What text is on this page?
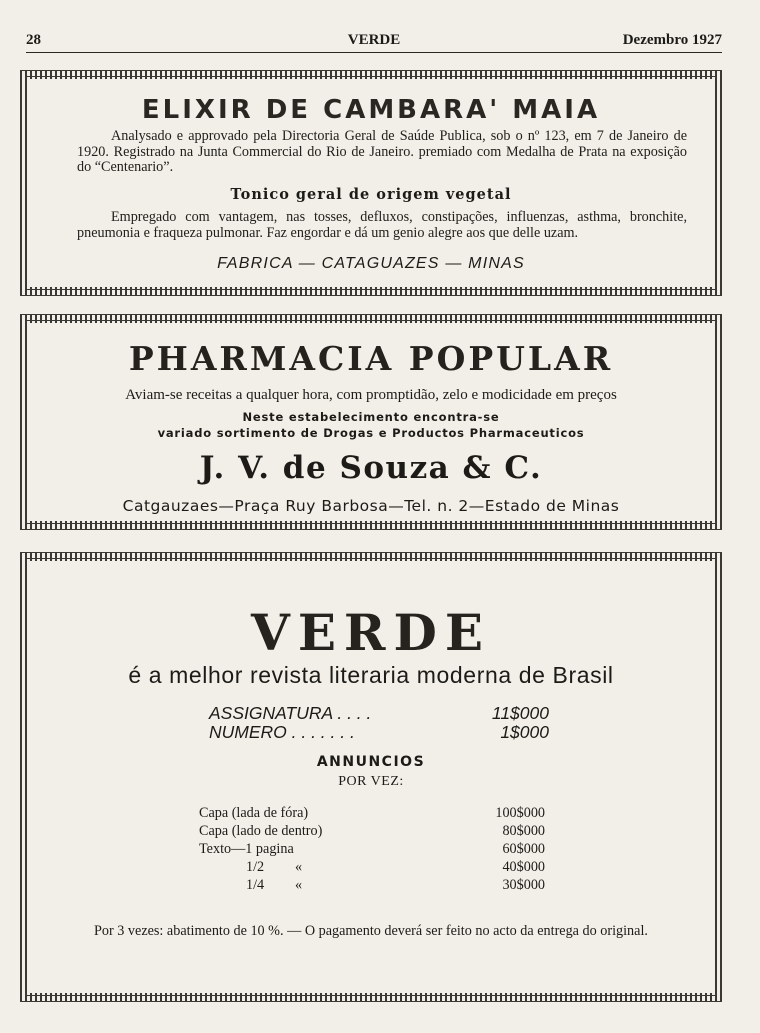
28	VERDE	Dezembro 1927
ELIXIR DE CAMBARA' MAIA
Analysado e approvado pela Directoria Geral de Saúde Publica, sob o nº 123, em 7 de Janeiro de 1920. Registrado na Junta Commercial do Rio de Janeiro. premiado com Medalha de Prata na exposição do “Centenario”.
Tonico geral de origem vegetal
Empregado com vantagem, nas tosses, defluxos, constipações, influenzas, asthma, bronchite, pneumonia e fraqueza pulmonar. Faz engordar e dá um genio alegre aos que delle uzam.
FABRICA — CATAGUAZES — MINAS
PHARMACIA POPULAR
Aviam-se receitas a qualquer hora, com promptidão, zelo e modicidade em preços
Neste estabelecimento encontra-se
variado sortimento de Drogas e Productos Pharmaceuticos
J. V. de Souza & C.
Catgauzaes—Praça Ruy Barbosa—Tel. n. 2—Estado de Minas
VERDE
é a melhor revista literaria moderna de Brasil
ASSIGNATURA . . . .	11$000
NUMERO . . . . . . .	1$000
ANNUNCIOS
POR VEZ:
Capa (lada de fóra)	100$000
Capa (lado de dentro)	80$000
Texto—1 pagina	60$000
1/2 «	40$000
1/4 «	30$000
Por 3 vezes: abatimento de 10 %. — O pagamento deverá ser feito no acto da entrega do original.
